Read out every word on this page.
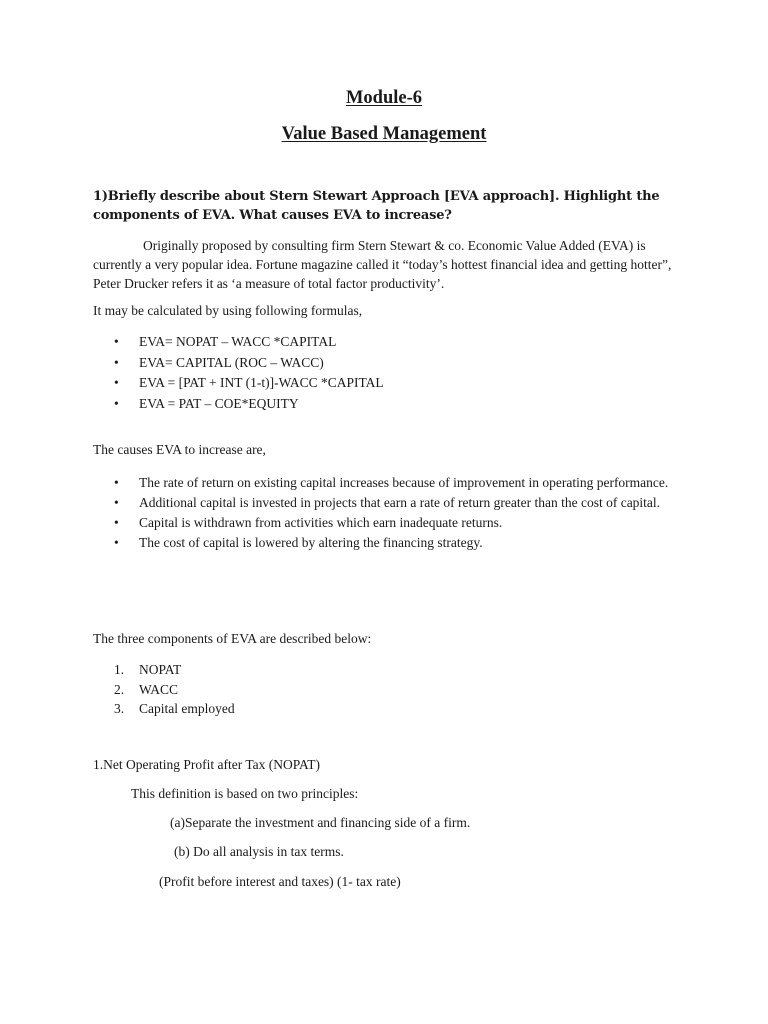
Module-6
Value Based Management
1)Briefly describe about Stern Stewart Approach [EVA approach]. Highlight the components of EVA. What causes EVA to increase?
Originally proposed by consulting firm Stern Stewart & co. Economic Value Added (EVA) is currently a very popular idea. Fortune magazine called it “today’s hottest financial idea and getting hotter”, Peter Drucker refers it as ‘a measure of total factor productivity’.
It may be calculated by using following formulas,
• EVA= NOPAT – WACC *CAPITAL
• EVA= CAPITAL (ROC – WACC)
• EVA = [PAT + INT (1-t)]-WACC *CAPITAL
• EVA = PAT – COE*EQUITY
The causes EVA to increase are,
• The rate of return on existing capital increases because of improvement in operating performance.
• Additional capital is invested in projects that earn a rate of return greater than the cost of capital.
• Capital is withdrawn from activities which earn inadequate returns.
• The cost of capital is lowered by altering the financing strategy.
The three components of EVA are described below:
1. NOPAT
2. WACC
3. Capital employed
1.Net Operating Profit after Tax (NOPAT)
This definition is based on two principles:
(a)Separate the investment and financing side of a firm.
(b) Do all analysis in tax terms.
(Profit before interest and taxes) (1- tax rate)
